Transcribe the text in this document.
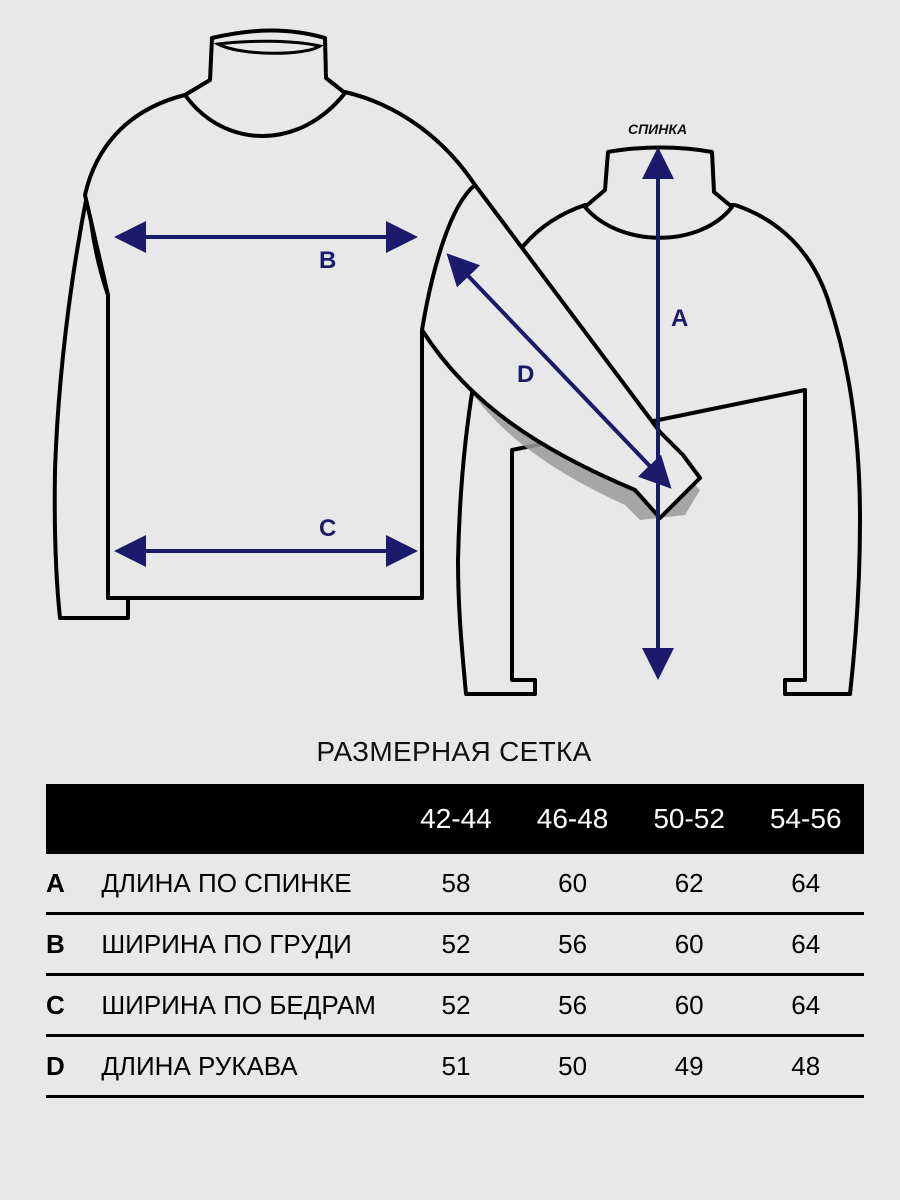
B
C
D
A
СПИНКА
РАЗМЕРНАЯ СЕТКА
42-44	46-48	50-52	54-56
A	ДЛИНА ПО СПИНКЕ	58	60	62	64
B	ШИРИНА ПО ГРУДИ	52	56	60	64
C	ШИРИНА ПО БЕДРАМ	52	56	60	64
D	ДЛИНА РУКАВА	51	50	49	48
